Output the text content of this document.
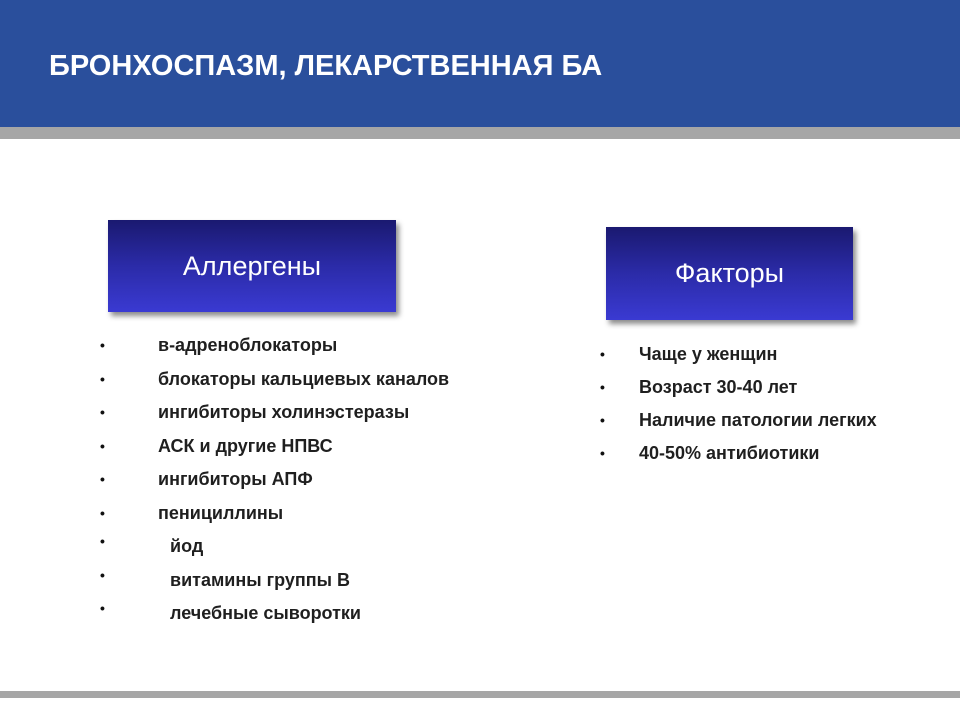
БРОНХОСПАЗМ, ЛЕКАРСТВЕННАЯ БА
Аллергены	Факторы
•	в-адреноблокаторы
•	блокаторы кальциевых каналов
•	ингибиторы холинэстеразы
•	АСК и другие НПВС
•	ингибиторы АПФ
•	пенициллины
•	йод
•	витамины группы В
•	лечебные сыворотки
• Чаще у женщин
• Возраст 30-40 лет
• Наличие патологии легких
• 40-50% антибиотики
